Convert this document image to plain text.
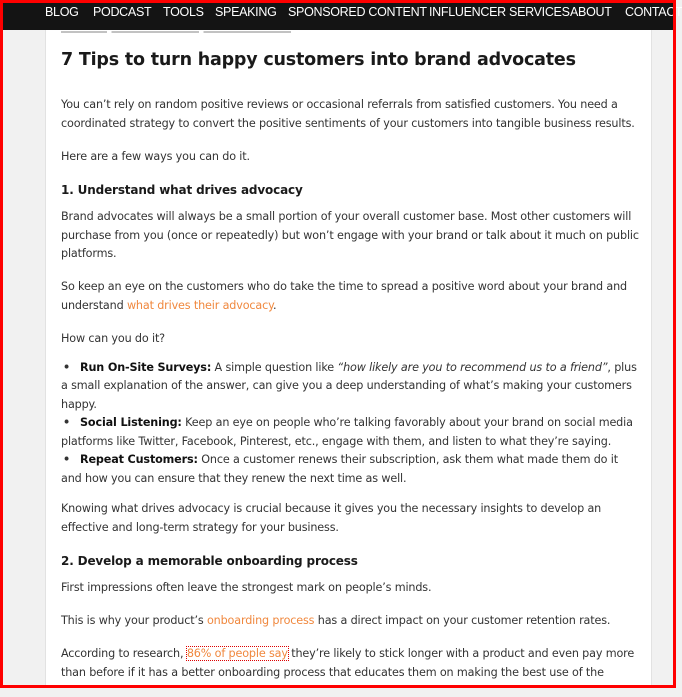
7 Tips to turn happy customers into brand advocates

You can’t rely on random positive reviews or occasional referrals from satisfied customers. You need a coordinated strategy to convert the positive sentiments of your customers into tangible business results.

Here are a few ways you can do it.

1. Understand what drives advocacy

Brand advocates will always be a small portion of your overall customer base. Most other customers will purchase from you (once or repeatedly) but won’t engage with your brand or talk about it much on public platforms.

So keep an eye on the customers who do take the time to spread a positive word about your brand and understand what drives their advocacy.

How can you do it?

• Run On-Site Surveys: A simple question like “how likely are you to recommend us to a friend”, plus a small explanation of the answer, can give you a deep understanding of what’s making your customers happy.
• Social Listening: Keep an eye on people who’re talking favorably about your brand on social media platforms like Twitter, Facebook, Pinterest, etc., engage with them, and listen to what they’re saying.
• Repeat Customers: Once a customer renews their subscription, ask them what made them do it and how you can ensure that they renew the next time as well.

Knowing what drives advocacy is crucial because it gives you the necessary insights to develop an effective and long-term strategy for your business.

2. Develop a memorable onboarding process

First impressions often leave the strongest mark on people’s minds.

This is why your product’s onboarding process has a direct impact on your customer retention rates.

According to research, 86% of people say they’re likely to stick longer with a product and even pay more than before if it has a better onboarding process that educates them on making the best use of the

BLOG PODCAST TOOLS SPEAKING SPONSORED CONTENT INFLUENCER SERVICES ABOUT CONTACT
